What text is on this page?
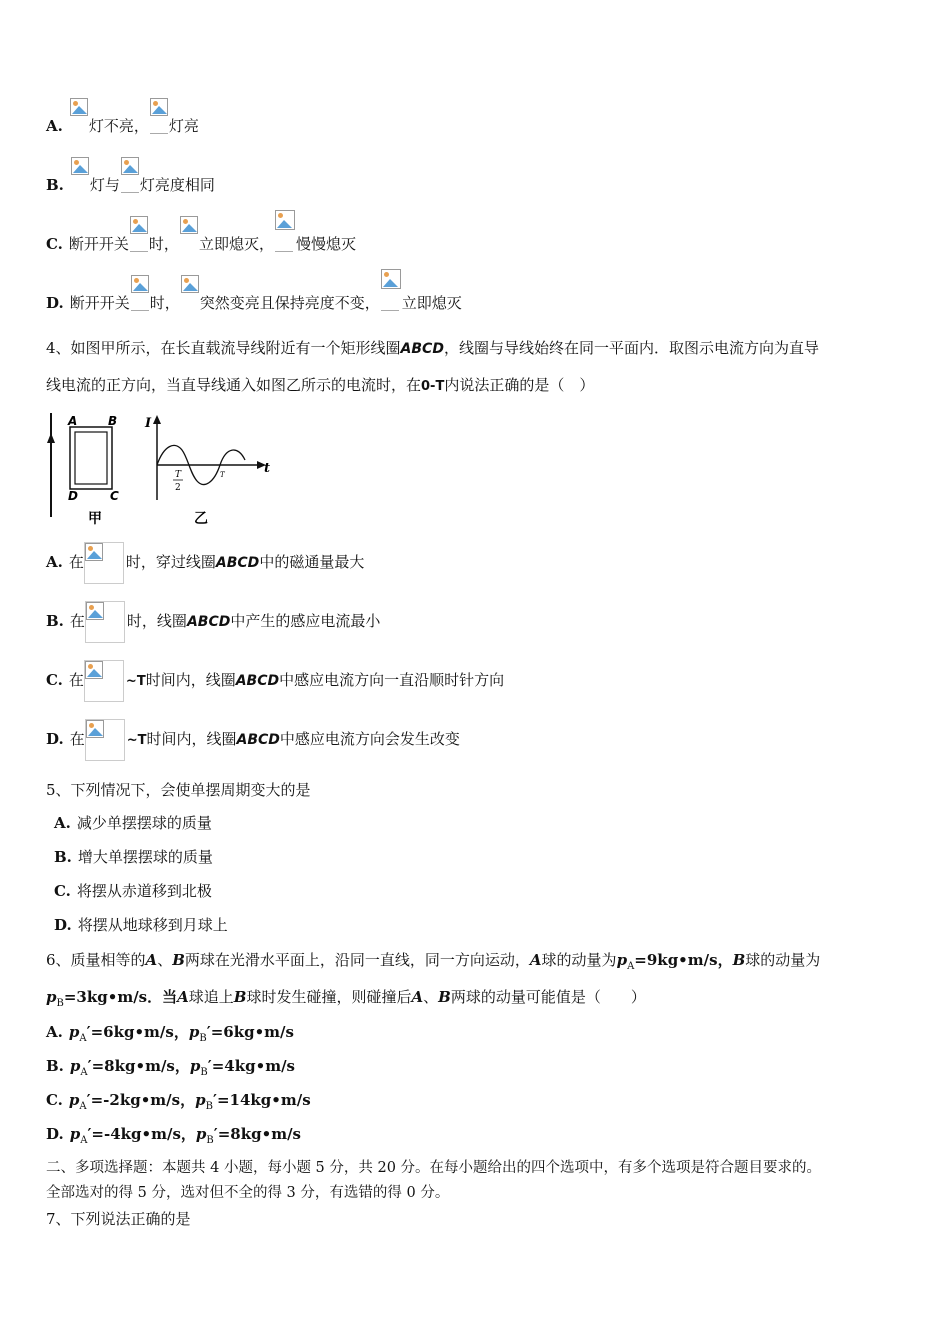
A. 灯不亮， 灯亮
B. 灯与 灯亮度相同
C. 断开开关 时， 立即熄灭， 慢慢熄灭
D. 断开开关 时， 突然变亮且保持亮度不变， 立即熄灭
4、如图甲所示，在长直载流导线附近有一个矩形线圈ABCD，线圈与导线始终在同一平面内．取图示电流方向为直导
线电流的正方向，当直导线通入如图乙所示的电流时，在0-T内说法正确的是（　）
A	B
D	C
甲
I
t
T
2
T
乙
A. 在	时，穿过线圈ABCD中的磁通量最大
B. 在	时，线圈ABCD中产生的感应电流最小
C. 在	~T时间内，线圈ABCD中感应电流方向一直沿顺时针方向
D. 在	~T时间内，线圈ABCD中感应电流方向会发生改变
5、下列情况下，会使单摆周期变大的是
A. 减少单摆摆球的质量
B. 增大单摆摆球的质量
C. 将摆从赤道移到北极
D. 将摆从地球移到月球上
6、质量相等的A、B两球在光滑水平面上，沿同一直线，同一方向运动，A球的动量为$p_A=9kg•m/s$，B球的动量为
$p_B=3kg•m/s$．当A球追上B球时发生碰撞，则碰撞后A、B两球的动量可能值是（　　）
A. $p_A'=6kg•m/s$，$p_B'=6kg•m/s$
B. $p_A'=8kg•m/s$，$p_B'=4kg•m/s$
C. $p_A'=-2kg•m/s$，$p_B'=14kg•m/s$
D. $p_A'=-4kg•m/s$，$p_B'=8kg•m/s$
二、多项选择题：本题共 4 小题，每小题 5 分，共 20 分。在每小题给出的四个选项中，有多个选项是符合题目要求的。
全部选对的得 5 分，选对但不全的得 3 分，有选错的得 0 分。
7、下列说法正确的是
